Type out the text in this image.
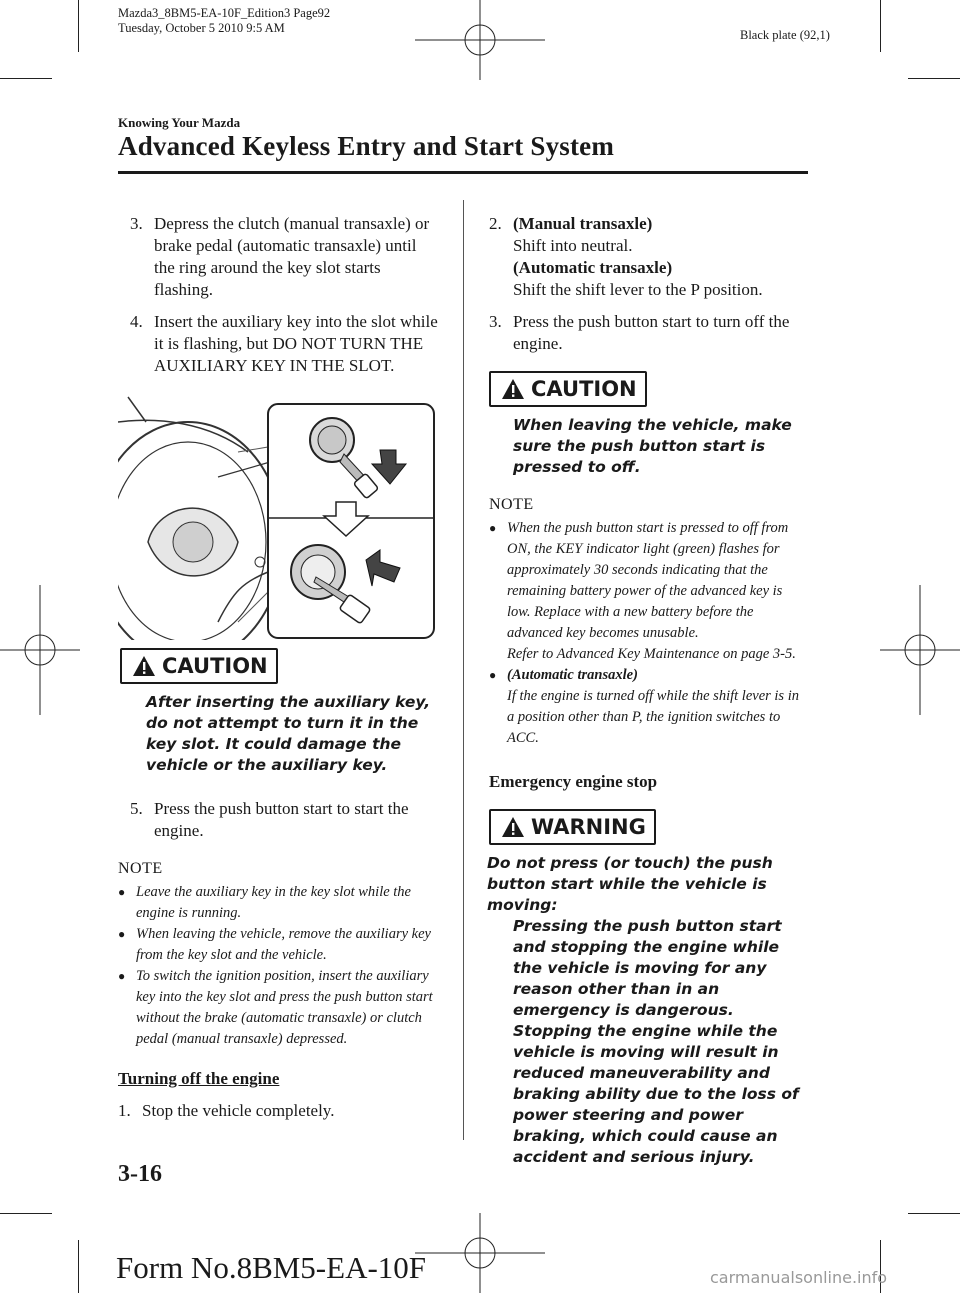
Mazda3_8BM5-EA-10F_Edition3 Page92
Tuesday, October 5 2010 9:5 AM	Black plate (92,1)
Knowing Your Mazda
Advanced Keyless Entry and Start System
3. Depress the clutch (manual transaxle) or brake pedal (automatic transaxle) until the ring around the key slot starts flashing.

4. Insert the auxiliary key into the slot while it is flashing, but DO NOT TURN THE AUXILIARY KEY IN THE SLOT.

CAUTION

After inserting the auxiliary key, do not attempt to turn it in the key slot. It could damage the vehicle or the auxiliary key.

5. Press the push button start to start the engine.

NOTE

● Leave the auxiliary key in the key slot while the engine is running.
● When leaving the vehicle, remove the auxiliary key from the key slot and the vehicle.
● To switch the ignition position, insert the auxiliary key into the key slot and press the push button start without the brake (automatic transaxle) or clutch pedal (manual transaxle) depressed.

Turning off the engine

1. Stop the vehicle completely.

2. (Manual transaxle)

Shift into neutral.

(Automatic transaxle)

Shift the shift lever to the P position.

3. Press the push button start to turn off the engine.

CAUTION

When leaving the vehicle, make sure the push button start is pressed to off.

NOTE

● When the push button start is pressed to off from ON, the KEY indicator light (green) flashes for approximately 30 seconds indicating that the remaining battery power of the advanced key is low. Replace with a new battery before the advanced key becomes unusable.
Refer to Advanced Key Maintenance on page 3-5.
● (Automatic transaxle)
If the engine is turned off while the shift lever is in a position other than P, the ignition switches to ACC.

Emergency engine stop

WARNING

Do not press (or touch) the push button start while the vehicle is moving:

Pressing the push button start and stopping the engine while the vehicle is moving for any reason other than in an emergency is dangerous. Stopping the engine while the vehicle is moving will result in reduced maneuverability and braking ability due to the loss of power steering and power braking, which could cause an accident and serious injury.

3-16
Form No.8BM5-EA-10F	carmanualsonline.info
